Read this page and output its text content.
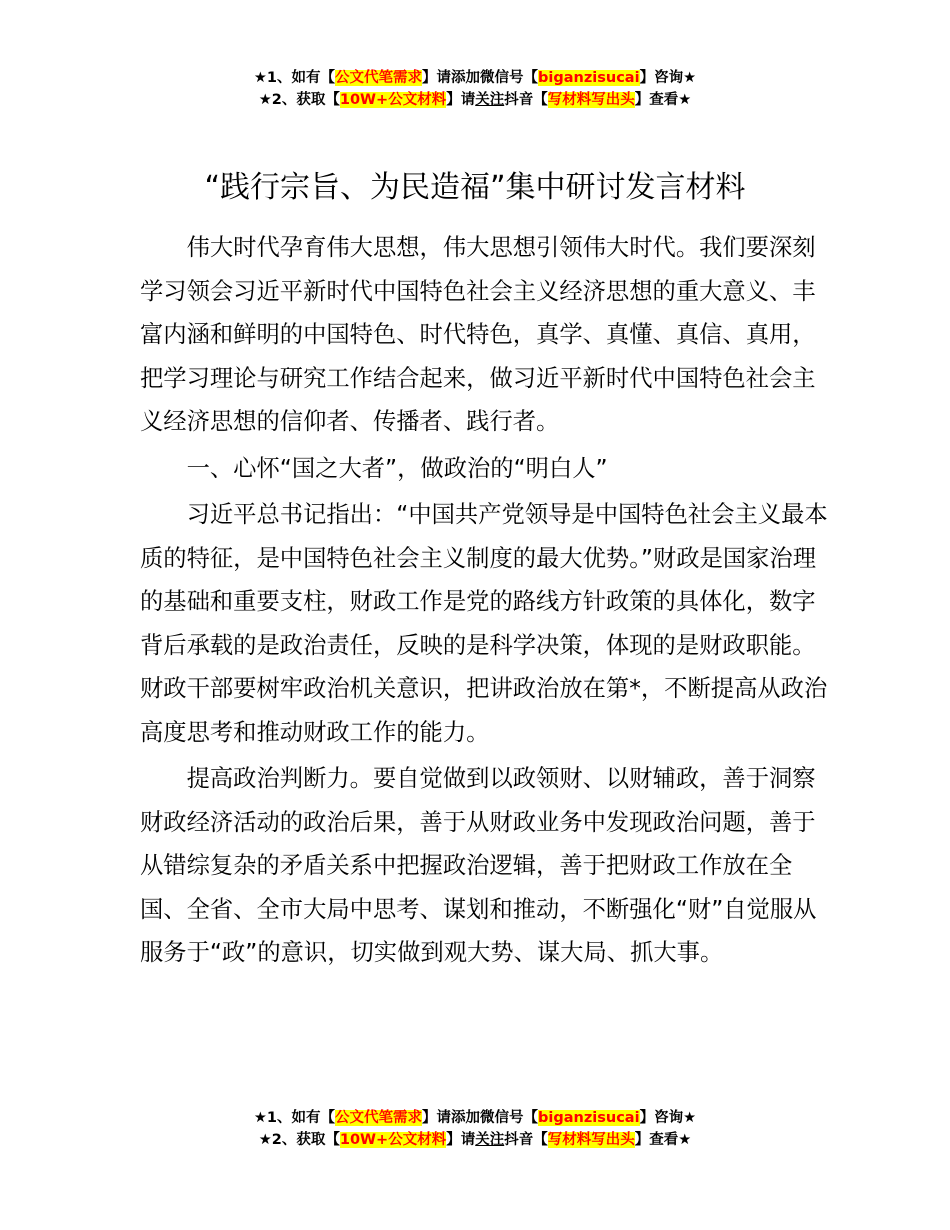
★1、如有【公文代笔需求】请添加微信号【biganzisucai】咨询★
★2、获取【10W+公文材料】请关注抖音【写材料写出头】查看★
“践行宗旨、为民造福”集中研讨发言材料

伟大时代孕育伟大思想，伟大思想引领伟大时代。我们要深刻学习领会习近平新时代中国特色社会主义经济思想的重大意义、丰富内涵和鲜明的中国特色、时代特色，真学、真懂、真信、真用，把学习理论与研究工作结合起来，做习近平新时代中国特色社会主义经济思想的信仰者、传播者、践行者。

一、心怀“国之大者”，做政治的“明白人”

习近平总书记指出：“中国共产党领导是中国特色社会主义最本质的特征，是中国特色社会主义制度的最大优势。”财政是国家治理的基础和重要支柱，财政工作是党的路线方针政策的具体化，数字背后承载的是政治责任，反映的是科学决策，体现的是财政职能。财政干部要树牢政治机关意识，把讲政治放在第*，不断提高从政治高度思考和推动财政工作的能力。

提高政治判断力。要自觉做到以政领财、以财辅政，善于洞察财政经济活动的政治后果，善于从财政业务中发现政治问题，善于从错综复杂的矛盾关系中把握政治逻辑，善于把财政工作放在全国、全省、全市大局中思考、谋划和推动，不断强化“财”自觉服从服务于“政”的意识，切实做到观大势、谋大局、抓大事。

★1、如有【公文代笔需求】请添加微信号【biganzisucai】咨询★
★2、获取【10W+公文材料】请关注抖音【写材料写出头】查看★
